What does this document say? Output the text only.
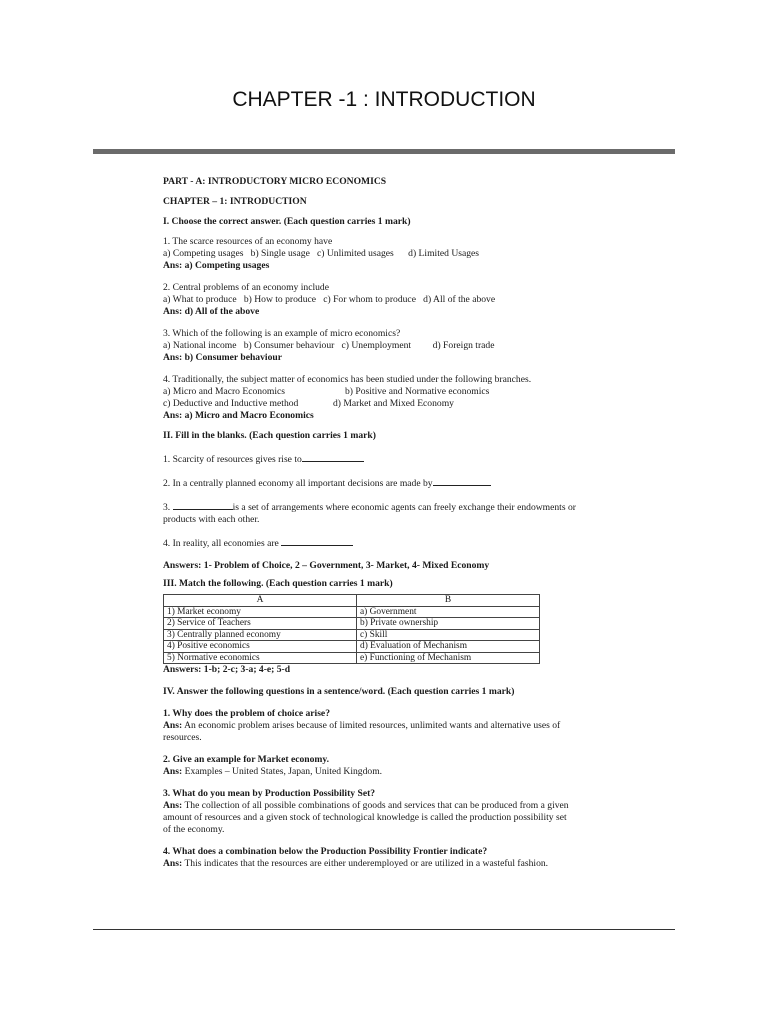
CHAPTER -1 : INTRODUCTION

PART - A: INTRODUCTORY MICRO ECONOMICS

CHAPTER – 1: INTRODUCTION

I. Choose the correct answer. (Each question carries 1 mark)

1. The scarce resources of an economy have

a) Competing usages b) Single usage c) Unlimited usages d) Limited Usages

Ans: a) Competing usages

2. Central problems of an economy include

a) What to produce b) How to produce c) For whom to produce d) All of the above

Ans: d) All of the above

3. Which of the following is an example of micro economics?

a) National income b) Consumer behaviour c) Unemployment d) Foreign trade

Ans: b) Consumer behaviour

4. Traditionally, the subject matter of economics has been studied under the following branches.

a) Micro and Macro Economics	b) Positive and Normative economics

c) Deductive and Inductive method	d) Market and Mixed Economy

Ans: a) Micro and Macro Economics

II. Fill in the blanks. (Each question carries 1 mark)

1. Scarcity of resources gives rise to

2. In a centrally planned economy all important decisions are made by

3.	is a set of arrangements where economic agents can freely exchange their endowments or

products with each other.

4. In reality, all economies are

Answers: 1- Problem of Choice, 2 – Government, 3- Market, 4- Mixed Economy

III. Match the following. (Each question carries 1 mark)

A	B
1) Market economy	a) Government
2) Service of Teachers	b) Private ownership
3) Centrally planned economy	c) Skill
4) Positive economics	d) Evaluation of Mechanism
5) Normative economics	e) Functioning of Mechanism

Answers: 1-b; 2-c; 3-a; 4-e; 5-d

IV. Answer the following questions in a sentence/word. (Each question carries 1 mark)

1. Why does the problem of choice arise?

Ans: An economic problem arises because of limited resources, unlimited wants and alternative uses of

resources.

2. Give an example for Market economy.

Ans: Examples – United States, Japan, United Kingdom.

3. What do you mean by Production Possibility Set?

Ans: The collection of all possible combinations of goods and services that can be produced from a given

amount of resources and a given stock of technological knowledge is called the production possibility set

of the economy.

4. What does a combination below the Production Possibility Frontier indicate?

Ans: This indicates that the resources are either underemployed or are utilized in a wasteful fashion.
